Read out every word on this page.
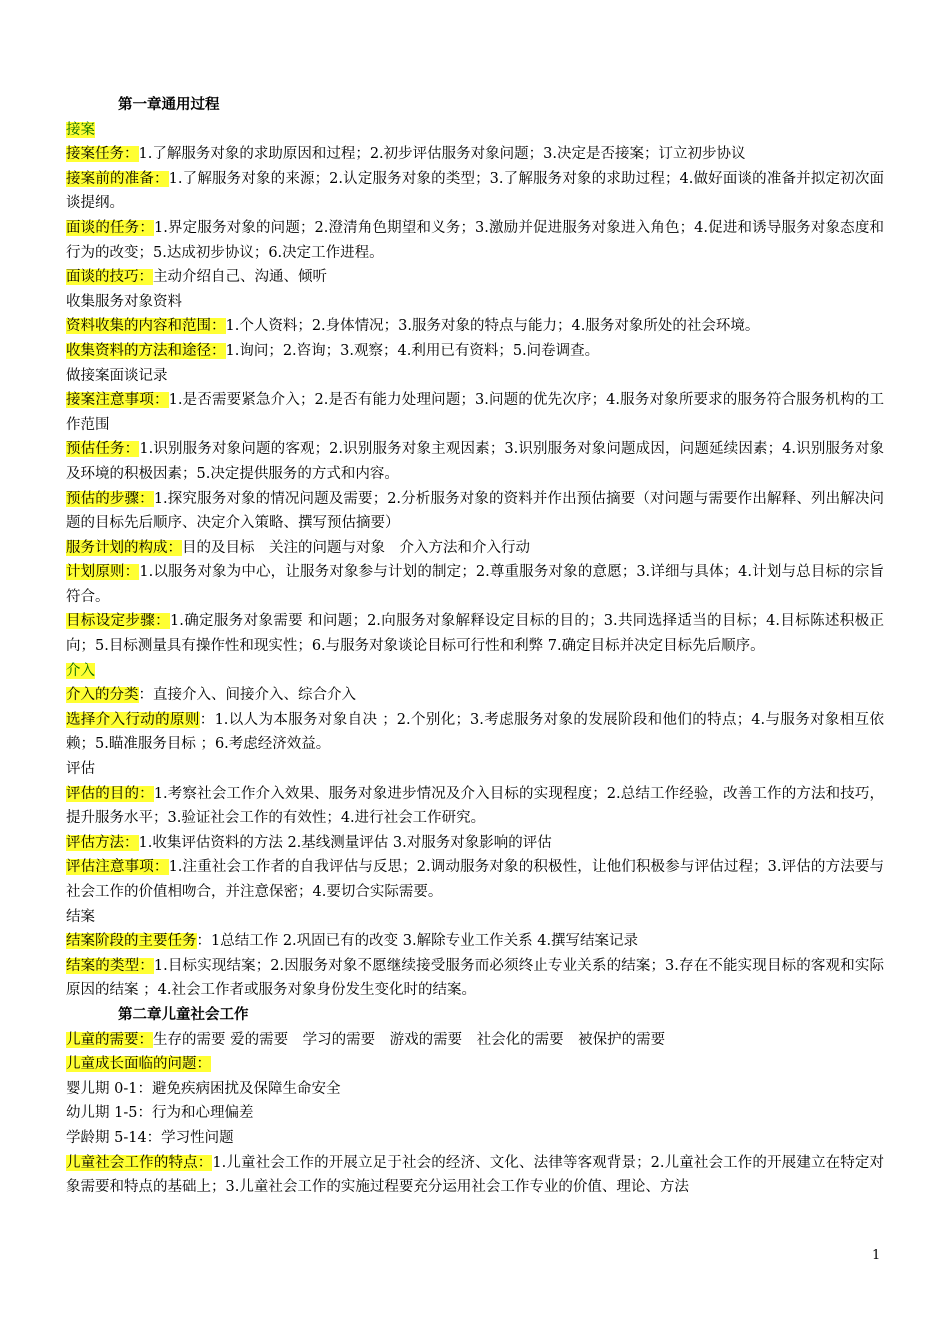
第一章通用过程

接案

接案任务：1.了解服务对象的求助原因和过程；2.初步评估服务对象问题；3.决定是否接案；订立初步协议

接案前的准备：1.了解服务对象的来源；2.认定服务对象的类型；3.了解服务对象的求助过程；4.做好面谈的准备并拟定初次面谈提纲。

面谈的任务：1.界定服务对象的问题；2.澄清角色期望和义务；3.激励并促进服务对象进入角色；4.促进和诱导服务对象态度和行为的改变；5.达成初步协议；6.决定工作进程。

面谈的技巧：主动介绍自己、沟通、倾听

收集服务对象资料

资料收集的内容和范围：1.个人资料；2.身体情况；3.服务对象的特点与能力；4.服务对象所处的社会环境。

收集资料的方法和途径：1.询问；2.咨询；3.观察；4.利用已有资料；5.问卷调查。

做接案面谈记录

接案注意事项：1.是否需要紧急介入；2.是否有能力处理问题；3.问题的优先次序；4.服务对象所要求的服务符合服务机构的工作范围

预估任务：1.识别服务对象问题的客观；2.识别服务对象主观因素；3.识别服务对象问题成因，问题延续因素；4.识别服务对象及环境的积极因素；5.决定提供服务的方式和内容。

预估的步骤：1.探究服务对象的情况问题及需要；2.分析服务对象的资料并作出预估摘要（对问题与需要作出解释、列出解决问题的目标先后顺序、决定介入策略、撰写预估摘要）

服务计划的构成：目的及目标　关注的问题与对象　介入方法和介入行动

计划原则：1.以服务对象为中心，让服务对象参与计划的制定；2.尊重服务对象的意愿；3.详细与具体；4.计划与总目标的宗旨符合。

目标设定步骤：1.确定服务对象需要 和问题；2.向服务对象解释设定目标的目的；3.共同选择适当的目标；4.目标陈述积极正向；5.目标测量具有操作性和现实性；6.与服务对象谈论目标可行性和利弊 7.确定目标并决定目标先后顺序。

介入

介入的分类：直接介入、间接介入、综合介入

选择介入行动的原则：1.以人为本服务对象自决 ；2.个别化；3.考虑服务对象的发展阶段和他们的特点；4.与服务对象相互依赖；5.瞄准服务目标 ；6.考虑经济效益。

评估

评估的目的：1.考察社会工作介入效果、服务对象进步情况及介入目标的实现程度；2.总结工作经验，改善工作的方法和技巧，提升服务水平；3.验证社会工作的有效性；4.进行社会工作研究。

评估方法：1.收集评估资料的方法 2.基线测量评估 3.对服务对象影响的评估

评估注意事项：1.注重社会工作者的自我评估与反思；2.调动服务对象的积极性，让他们积极参与评估过程；3.评估的方法要与社会工作的价值相吻合，并注意保密；4.要切合实际需要。

结案

结案阶段的主要任务：1总结工作 2.巩固已有的改变 3.解除专业工作关系 4.撰写结案记录

结案的类型：1.目标实现结案；2.因服务对象不愿继续接受服务而必须终止专业关系的结案；3.存在不能实现目标的客观和实际原因的结案 ；4.社会工作者或服务对象身份发生变化时的结案。

第二章儿童社会工作

儿童的需要：生存的需要 爱的需要　学习的需要　游戏的需要　社会化的需要　被保护的需要

儿童成长面临的问题：

婴儿期 0-1：避免疾病困扰及保障生命安全

幼儿期 1-5：行为和心理偏差

学龄期 5-14：学习性问题

儿童社会工作的特点：1.儿童社会工作的开展立足于社会的经济、文化、法律等客观背景；2.儿童社会工作的开展建立在特定对象需要和特点的基础上；3.儿童社会工作的实施过程要充分运用社会工作专业的价值、理论、方法

1
